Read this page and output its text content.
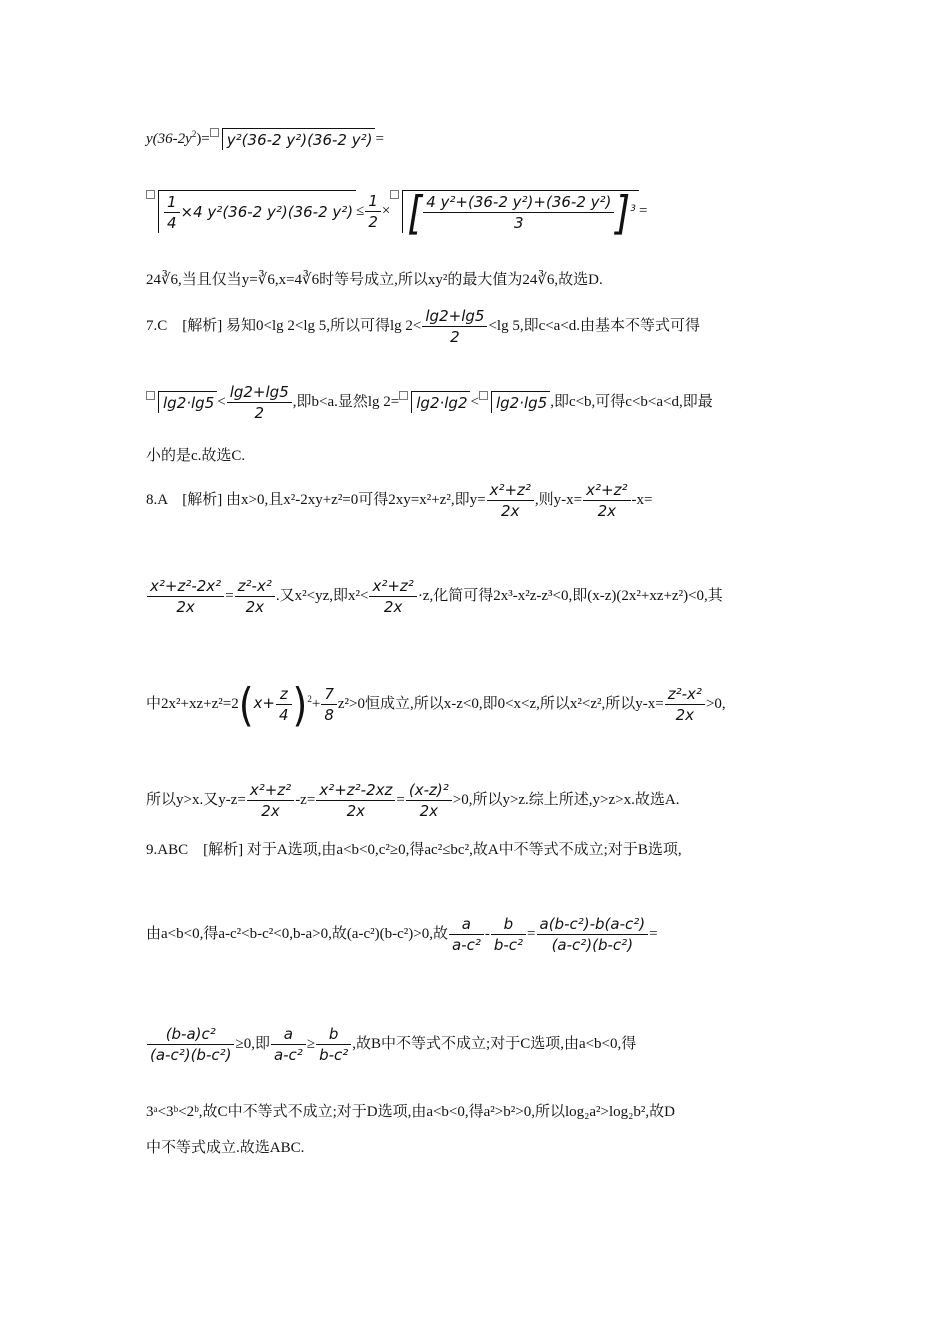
$y(36-2y^2)= y^2(36-2$ y²)(36-2 y²) =
$\frac{1}{4} \times 4$ y²(36-2 y²)(36-2 $y^2) \le \frac{1}{2}$ × [ $\frac{\text{4 y²+(36-2 y²)+(36-2 y²)}}{3} ]^3$ =
24∛6,当且仅当y=∛6,x=4∛6时等号成立,所以xy²的最大值为24∛6,故选D.
7.C　[解析] 易知0<lg 2<lg 5,所以可得$\lg 2< \frac{\lg 2+\lg 5}{2} <\lg$ 5,即c<a<d.由基本不等式可得
$\lg 2\cdot\lg 5 < \frac{\lg 2+\lg 5}{2}$ ,即b<a.显然lg 2= lg2·lg2 < lg2·lg5 ,即c<b,可得c<b<a<d,即最
小的是c.故选C.
8.A　[解析] 由x>0,且x²-2xy+z²=0可得2xy=x²+z²,即$y= \frac{\text{x²+z²}}{2x}$ ,则$y-x= \frac{\text{x²+z²}}{2x} -x=$
$\frac{\text{x²+z²-2x²}}{2x} = \frac{\text{z²-x²}}{2x}$ .又x²<yz,即$x^2< \frac{\text{x²+z²}}{2x} \cdot z$,化简可得2x³-x²z-z³<0,即(x-z)(2x²+xz+z²)<0,其
中$2x^2+xz+z^2=2(x+ \frac{z}{4} )^2+ \frac{7}{8} z^2>0$恒成立,所以x-z<0,即0<x<z,所以x²<z²,所以$y-x= \frac{\text{z²-x²}}{2x} >0$,
所以y>x.又$y-z= \frac{\text{x²+z²}}{2x} -z= \frac{\text{x²+z²-2xz}}{2x} = \frac{\text{(x-z)²}}{2x} >0$,所以y>z.综上所述,y>z>x.故选A.
9.ABC　[解析] 对于A选项,由a<b<0,c²≥0,得ac²≤bc²,故A中不等式不成立;对于B选项,
由a<b<0,得a-c²<b-c²<0,b-a>0,故(a-c²)(b-c²)>0,故 $\frac{a}{\text{a-c²}} - \frac{b}{\text{b-c²}} = \frac{\text{a(b-c²)-b(a-c²)}}{\text{(a-c²)(b-c²)}}$ =
$\frac{\text{(b-a)c²}}{\text{(a-c²)(b-c²)}} \ge 0$,即 $\frac{a}{\text{a-c²}} \ge \frac{b}{\text{b-c²}}$ ,故B中不等式不成立;对于C选项,由a<b<0,得
3ᵃ<3ᵇ<2ᵇ,故C中不等式不成立;对于D选项,由a<b<0,得a²>b²>0,所以log₂a²>log₂b²,故D
中不等式成立.故选ABC.
